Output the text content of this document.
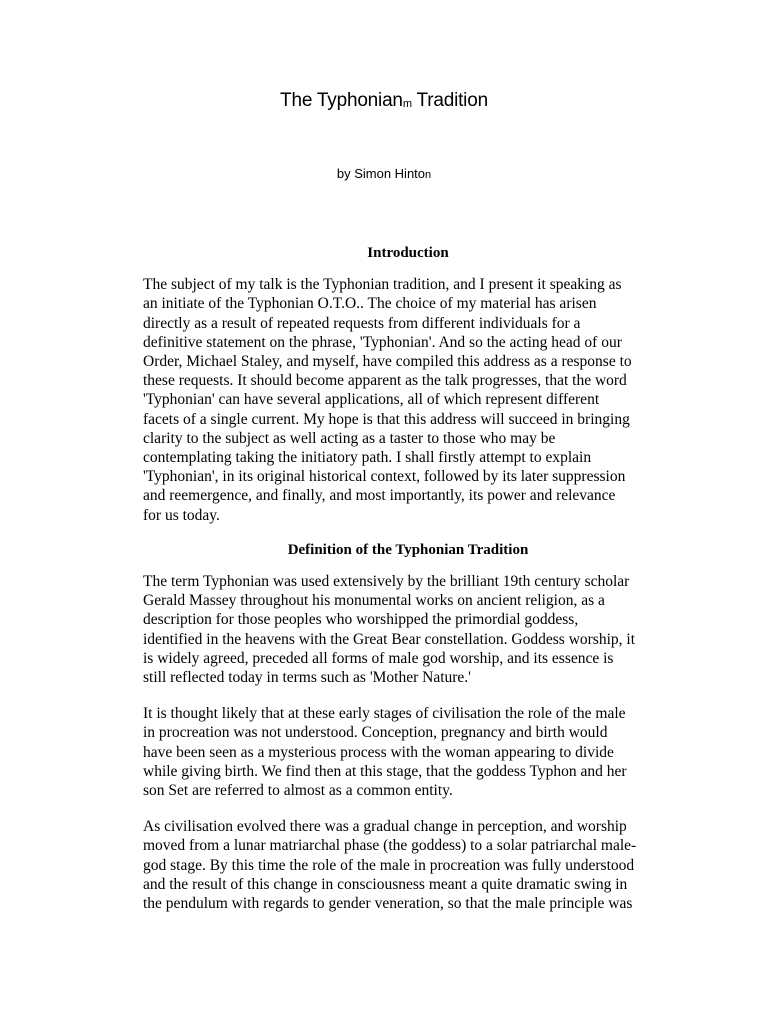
The Typhonianm Tradition

by Simon Hinton

Introduction
The subject of my talk is the Typhonian tradition, and I present it speaking as
an initiate of the Typhonian O.T.O.. The choice of my material has arisen
directly as a result of repeated requests from different individuals for a
definitive statement on the phrase, 'Typhonian'. And so the acting head of our
Order, Michael Staley, and myself, have compiled this address as a response to
these requests. It should become apparent as the talk progresses, that the word
'Typhonian' can have several applications, all of which represent different
facets of a single current. My hope is that this address will succeed in bringing
clarity to the subject as well acting as a taster to those who may be
contemplating taking the initiatory path. I shall firstly attempt to explain
'Typhonian', in its original historical context, followed by its later suppression
and reemergence, and finally, and most importantly, its power and relevance
for us today.
Definition of the Typhonian Tradition
The term Typhonian was used extensively by the brilliant 19th century scholar
Gerald Massey throughout his monumental works on ancient religion, as a
description for those peoples who worshipped the primordial goddess,
identified in the heavens with the Great Bear constellation. Goddess worship, it
is widely agreed, preceded all forms of male god worship, and its essence is
still reflected today in terms such as 'Mother Nature.'
It is thought likely that at these early stages of civilisation the role of the male
in procreation was not understood. Conception, pregnancy and birth would
have been seen as a mysterious process with the woman appearing to divide
while giving birth. We find then at this stage, that the goddess Typhon and her
son Set are referred to almost as a common entity.
As civilisation evolved there was a gradual change in perception, and worship
moved from a lunar matriarchal phase (the goddess) to a solar patriarchal male-
god stage. By this time the role of the male in procreation was fully understood
and the result of this change in consciousness meant a quite dramatic swing in
the pendulum with regards to gender veneration, so that the male principle was
